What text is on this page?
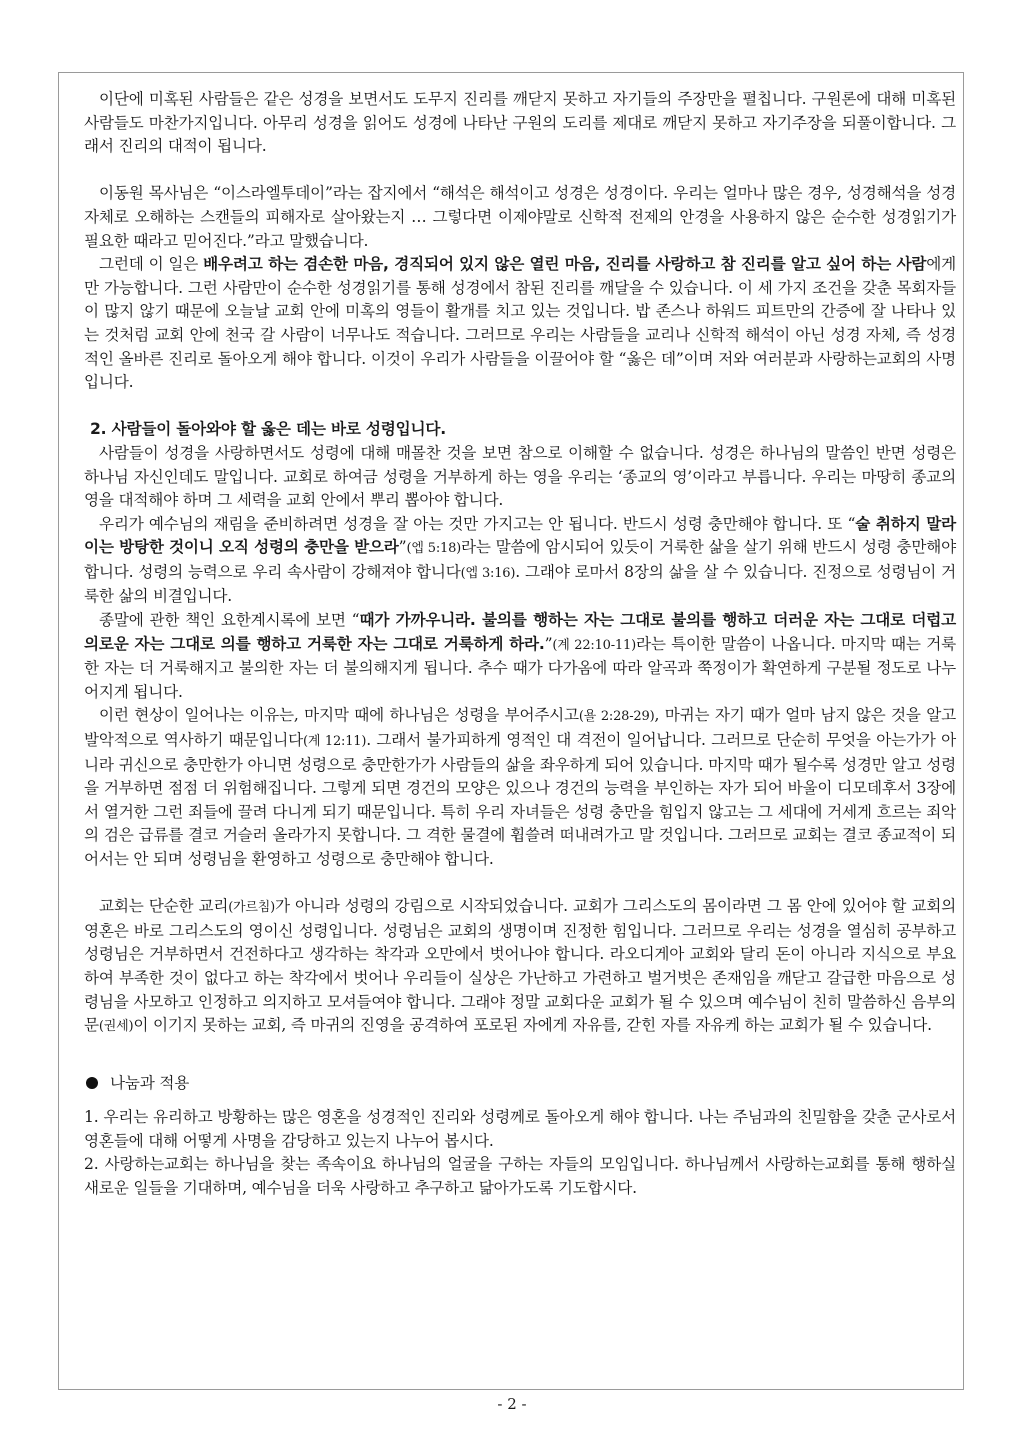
이단에 미혹된 사람들은 같은 성경을 보면서도 도무지 진리를 깨닫지 못하고 자기들의 주장만을 펼칩니다. 구원론에 대해 미혹된 사람들도 마찬가지입니다. 아무리 성경을 읽어도 성경에 나타난 구원의 도리를 제대로 깨닫지 못하고 자기주장을 되풀이합니다. 그래서 진리의 대적이 됩니다.

이동원 목사님은 “이스라엘투데이”라는 잡지에서 “해석은 해석이고 성경은 성경이다. 우리는 얼마나 많은 경우, 성경해석을 성경 자체로 오해하는 스캔들의 피해자로 살아왔는지 … 그렇다면 이제야말로 신학적 전제의 안경을 사용하지 않은 순수한 성경읽기가 필요한 때라고 믿어진다.”라고 말했습니다.

그런데 이 일은 배우려고 하는 겸손한 마음, 경직되어 있지 않은 열린 마음, 진리를 사랑하고 참 진리를 알고 싶어 하는 사람에게만 가능합니다. 그런 사람만이 순수한 성경읽기를 통해 성경에서 참된 진리를 깨달을 수 있습니다. 이 세 가지 조건을 갖춘 목회자들이 많지 않기 때문에 오늘날 교회 안에 미혹의 영들이 활개를 치고 있는 것입니다. 밥 존스나 하워드 피트만의 간증에 잘 나타나 있는 것처럼 교회 안에 천국 갈 사람이 너무나도 적습니다. 그러므로 우리는 사람들을 교리나 신학적 해석이 아닌 성경 자체, 즉 성경적인 올바른 진리로 돌아오게 해야 합니다. 이것이 우리가 사람들을 이끌어야 할 “옳은 데”이며 저와 여러분과 사랑하는교회의 사명입니다.

2. 사람들이 돌아와야 할 옳은 데는 바로 성령입니다.

사람들이 성경을 사랑하면서도 성령에 대해 매몰찬 것을 보면 참으로 이해할 수 없습니다. 성경은 하나님의 말씀인 반면 성령은 하나님 자신인데도 말입니다. 교회로 하여금 성령을 거부하게 하는 영을 우리는 ‘종교의 영’이라고 부릅니다. 우리는 마땅히 종교의 영을 대적해야 하며 그 세력을 교회 안에서 뿌리 뽑아야 합니다.

우리가 예수님의 재림을 준비하려면 성경을 잘 아는 것만 가지고는 안 됩니다. 반드시 성령 충만해야 합니다. 또 “술 취하지 말라 이는 방탕한 것이니 오직 성령의 충만을 받으라”(엡 5:18)라는 말씀에 암시되어 있듯이 거룩한 삶을 살기 위해 반드시 성령 충만해야 합니다. 성령의 능력으로 우리 속사람이 강해져야 합니다(엡 3:16). 그래야 로마서 8장의 삶을 살 수 있습니다. 진정으로 성령님이 거룩한 삶의 비결입니다.

종말에 관한 책인 요한계시록에 보면 “때가 가까우니라. 불의를 행하는 자는 그대로 불의를 행하고 더러운 자는 그대로 더럽고 의로운 자는 그대로 의를 행하고 거룩한 자는 그대로 거룩하게 하라.”(계 22:10-11)라는 특이한 말씀이 나옵니다. 마지막 때는 거룩한 자는 더 거룩해지고 불의한 자는 더 불의해지게 됩니다. 추수 때가 다가옴에 따라 알곡과 쭉정이가 확연하게 구분될 정도로 나누어지게 됩니다.

이런 현상이 일어나는 이유는, 마지막 때에 하나님은 성령을 부어주시고(욜 2:28-29), 마귀는 자기 때가 얼마 남지 않은 것을 알고 발악적으로 역사하기 때문입니다(계 12:11). 그래서 불가피하게 영적인 대 격전이 일어납니다. 그러므로 단순히 무엇을 아는가가 아니라 귀신으로 충만한가 아니면 성령으로 충만한가가 사람들의 삶을 좌우하게 되어 있습니다. 마지막 때가 될수록 성경만 알고 성령을 거부하면 점점 더 위험해집니다. 그렇게 되면 경건의 모양은 있으나 경건의 능력을 부인하는 자가 되어 바울이 디모데후서 3장에서 열거한 그런 죄들에 끌려 다니게 되기 때문입니다. 특히 우리 자녀들은 성령 충만을 힘입지 않고는 그 세대에 거세게 흐르는 죄악의 검은 급류를 결코 거슬러 올라가지 못합니다. 그 격한 물결에 휩쓸려 떠내려가고 말 것입니다. 그러므로 교회는 결코 종교적이 되어서는 안 되며 성령님을 환영하고 성령으로 충만해야 합니다.

교회는 단순한 교리(가르침)가 아니라 성령의 강림으로 시작되었습니다. 교회가 그리스도의 몸이라면 그 몸 안에 있어야 할 교회의 영혼은 바로 그리스도의 영이신 성령입니다. 성령님은 교회의 생명이며 진정한 힘입니다. 그러므로 우리는 성경을 열심히 공부하고 성령님은 거부하면서 건전하다고 생각하는 착각과 오만에서 벗어나야 합니다. 라오디게아 교회와 달리 돈이 아니라 지식으로 부요하여 부족한 것이 없다고 하는 착각에서 벗어나 우리들이 실상은 가난하고 가련하고 벌거벗은 존재임을 깨닫고 갈급한 마음으로 성령님을 사모하고 인정하고 의지하고 모셔들여야 합니다. 그래야 정말 교회다운 교회가 될 수 있으며 예수님이 친히 말씀하신 음부의 문(권세)이 이기지 못하는 교회, 즉 마귀의 진영을 공격하여 포로된 자에게 자유를, 갇힌 자를 자유케 하는 교회가 될 수 있습니다.

나눔과 적용

1. 우리는 유리하고 방황하는 많은 영혼을 성경적인 진리와 성령께로 돌아오게 해야 합니다. 나는 주님과의 친밀함을 갖춘 군사로서 영혼들에 대해 어떻게 사명을 감당하고 있는지 나누어 봅시다.

2. 사랑하는교회는 하나님을 찾는 족속이요 하나님의 얼굴을 구하는 자들의 모임입니다. 하나님께서 사랑하는교회를 통해 행하실 새로운 일들을 기대하며, 예수님을 더욱 사랑하고 추구하고 닮아가도록 기도합시다.

- 2 -
